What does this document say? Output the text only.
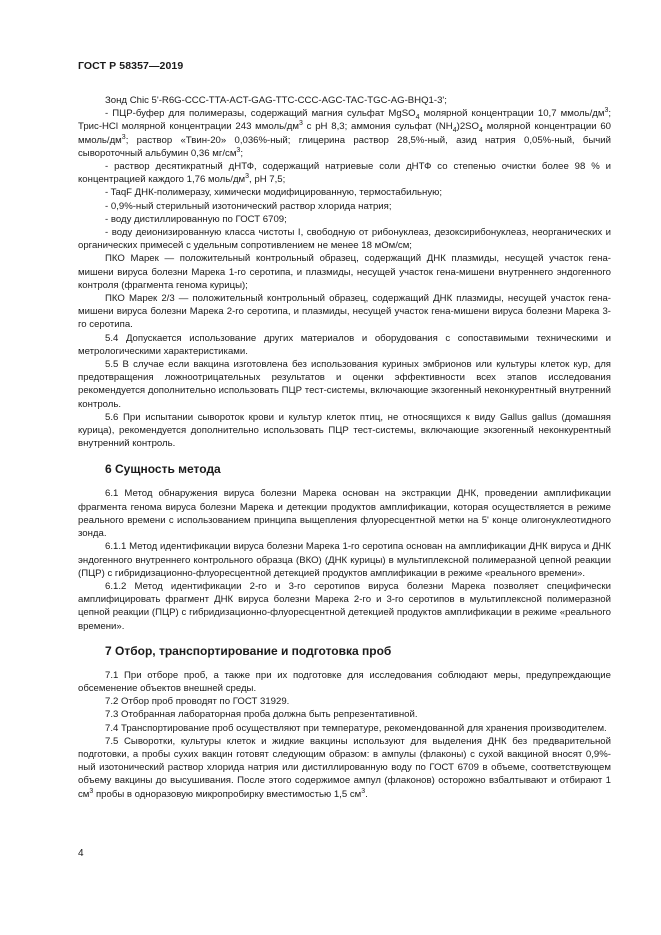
ГОСТ Р 58357—2019

Зонд Chic 5'-R6G-CCC-TTA-ACT-GAG-TTC-CCC-AGC-TAC-TGC-AG-BHQ1-3';

- ПЦР-буфер для полимеразы, содержащий магния сульфат MgSO$_4$ молярной концентрации 10,7 ммоль/$дм^3$; Трис-HCl молярной концентрации 243 ммоль/$дм^3$ с pH 8,3; аммония сульфат $(NH_4)2SO_4$ молярной концентрации 60 ммоль/$дм^3$; раствор «Твин-20» 0,036%-ный; глицерина раствор 28,5%-ный, азид натрия 0,05%-ный, бычий сывороточный альбумин 0,36 $мг/см^3$;

- раствор десятикратный дНТФ, содержащий натриевые соли дНТФ со степенью очистки более 98 % и концентрацией каждого 1,76 моль/$дм^3$, pH 7,5;

- TaqF ДНК-полимеразу, химически модифицированную, термостабильную;

- 0,9%-ный стерильный изотонический раствор хлорида натрия;

- воду дистиллированную по ГОСТ 6709;

- воду деионизированную класса чистоты I, свободную от рибонуклеаз, дезоксирибонуклеаз, неорганических и органических примесей с удельным сопротивлением не менее 18 мОм/см;

ПКО Марек — положительный контрольный образец, содержащий ДНК плазмиды, несущей участок гена-мишени вируса болезни Марека 1-го серотипа, и плазмиды, несущей участок гена-мишени внутреннего эндогенного контроля (фрагмента генома курицы);

ПКО Марек 2/3 — положительный контрольный образец, содержащий ДНК плазмиды, несущей участок гена-мишени вируса болезни Марека 2-го серотипа, и плазмиды, несущей участок гена-мишени вируса болезни Марека 3-го серотипа.

5.4 Допускается использование других материалов и оборудования с сопоставимыми техническими и метрологическими характеристиками.

5.5 В случае если вакцина изготовлена без использования куриных эмбрионов или культуры клеток кур, для предотвращения ложноотрицательных результатов и оценки эффективности всех этапов исследования рекомендуется дополнительно использовать ПЦР тест-системы, включающие экзогенный неконкурентный внутренний контроль.

5.6 При испытании сывороток крови и культур клеток птиц, не относящихся к виду Gallus gallus (домашняя курица), рекомендуется дополнительно использовать ПЦР тест-системы, включающие экзогенный неконкурентный внутренний контроль.

6 Сущность метода

6.1 Метод обнаружения вируса болезни Марека основан на экстракции ДНК, проведении амплификации фрагмента генома вируса болезни Марека и детекции продуктов амплификации, которая осуществляется в режиме реального времени с использованием принципа выщепления флуоресцентной метки на 5' конце олигонуклеотидного зонда.

6.1.1 Метод идентификации вируса болезни Марека 1-го серотипа основан на амплификации ДНК вируса и ДНК эндогенного внутреннего контрольного образца (ВКО) (ДНК курицы) в мультиплексной полимеразной цепной реакции (ПЦР) с гибридизационно-флуоресцентной детекцией продуктов амплификации в режиме «реального времени».

6.1.2 Метод идентификации 2-го и 3-го серотипов вируса болезни Марека позволяет специфически амплифицировать фрагмент ДНК вируса болезни Марека 2-го и 3-го серотипов в мультиплексной полимеразной цепной реакции (ПЦР) с гибридизационно-флуоресцентной детекцией продуктов амплификации в режиме «реального времени».

7 Отбор, транспортирование и подготовка проб

7.1 При отборе проб, а также при их подготовке для исследования соблюдают меры, предупреждающие обсеменение объектов внешней среды.

7.2 Отбор проб проводят по ГОСТ 31929.

7.3 Отобранная лабораторная проба должна быть репрезентативной.

7.4 Транспортирование проб осуществляют при температуре, рекомендованной для хранения производителем.

7.5 Сыворотки, культуры клеток и жидкие вакцины используют для выделения ДНК без предварительной подготовки, а пробы сухих вакцин готовят следующим образом: в ампулы (флаконы) с сухой вакциной вносят 0,9%-ный изотонический раствор хлорида натрия или дистиллированную воду по ГОСТ 6709 в объеме, соответствующем объему вакцины до высушивания. После этого содержимое ампул (флаконов) осторожно взбалтывают и отбирают 1 $см^3$ пробы в одноразовую микропробирку вместимостью 1,5 $см^3$.

4
